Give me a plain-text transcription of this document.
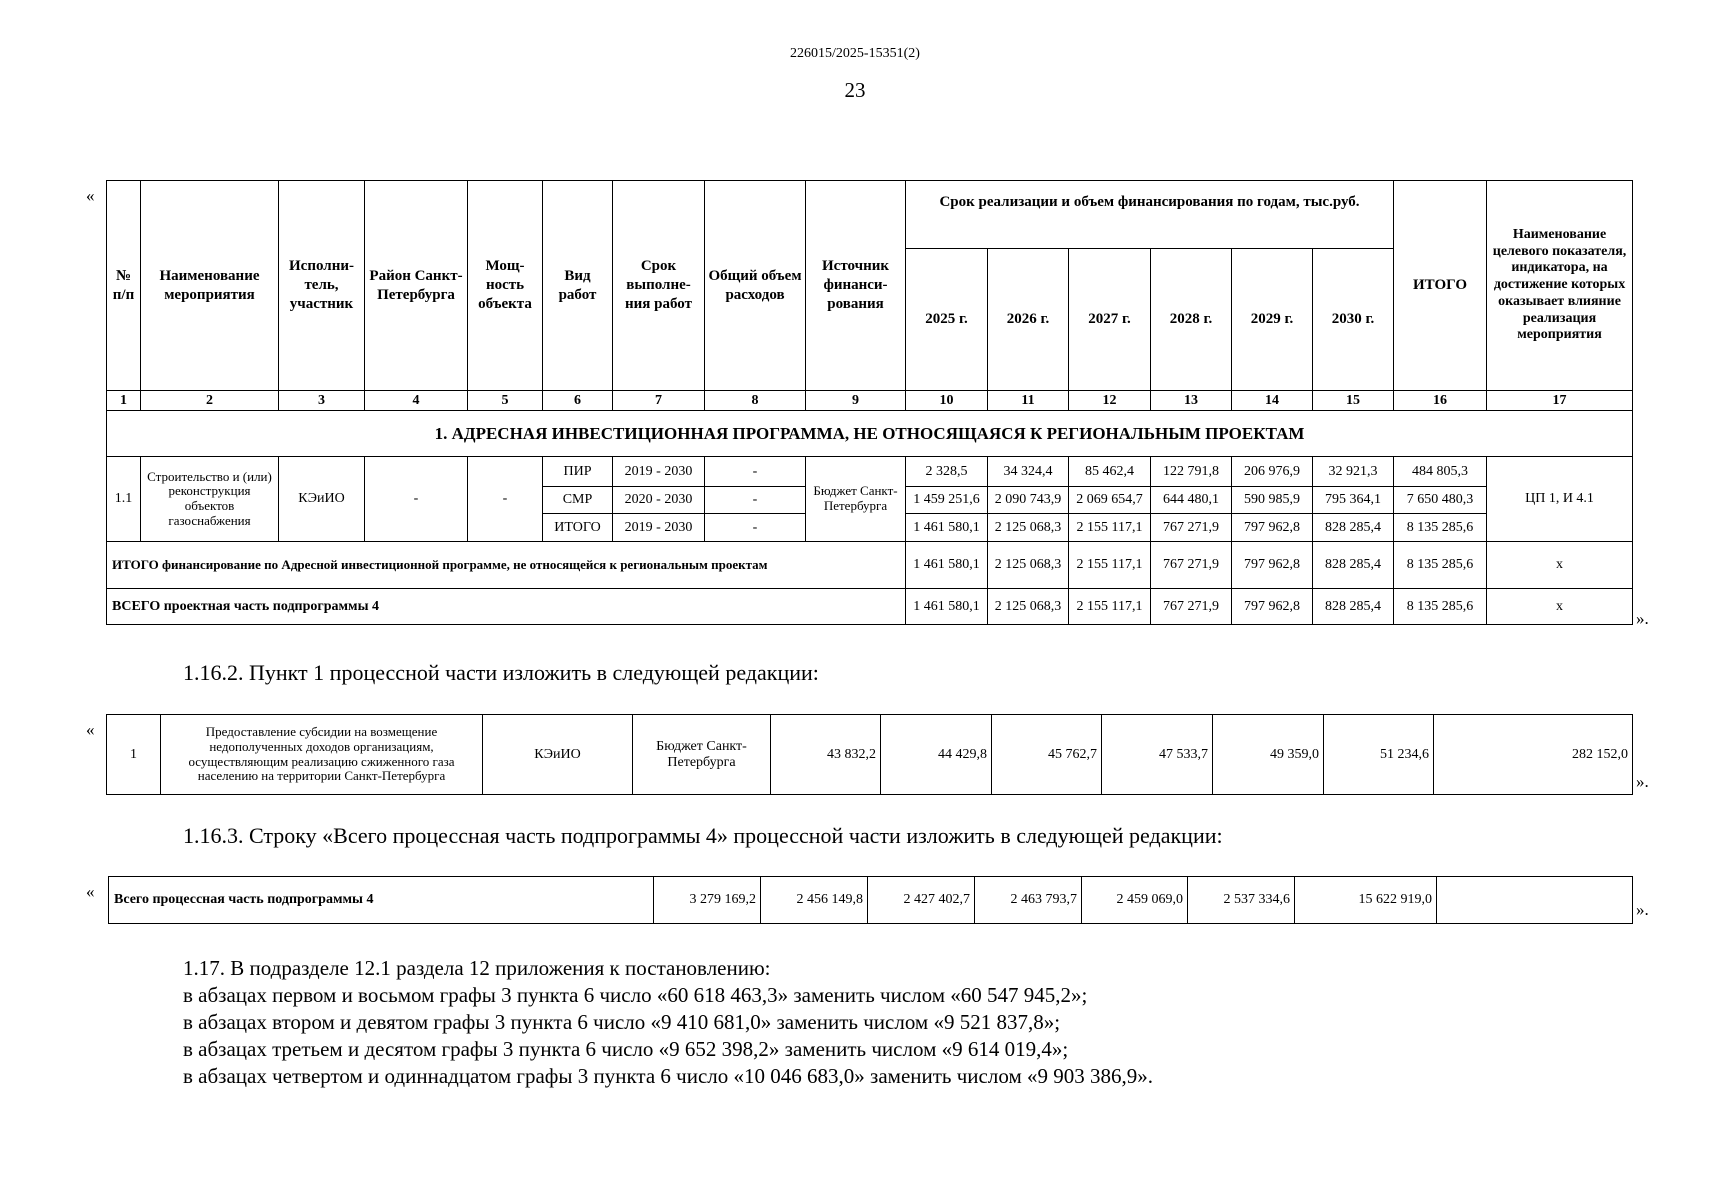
226015/2025-15351(2)
23
«
№ п/п	Наименование мероприятия	Исполни-тель, участник	Район Санкт-Петербурга	Мощ-ность объекта	Вид работ	Срок выполне-ния работ	Общий объем расходов	Источник финанси-рования	Срок реализации и объем финансирования по годам, тыс.руб.						ИТОГО	Наименование целевого показателя, индикатора, на достижение которых оказывает влияние реализация мероприятия
									2025 г.	2026 г.	2027 г.	2028 г.	2029 г.	2030 г.		
1	2	3	4	5	6	7	8	9	10	11	12	13	14	15	16	17
1. АДРЕСНАЯ ИНВЕСТИЦИОННАЯ ПРОГРАММА, НЕ ОТНОСЯЩАЯСЯ К РЕГИОНАЛЬНЫМ ПРОЕКТАМ																
1.1	Строительство и (или) реконструкция объектов газоснабжения	КЭиИО	-	-	ПИР	2019 - 2030	-	Бюджет Санкт-Петербурга	2 328,5	34 324,4	85 462,4	122 791,8	206 976,9	32 921,3	484 805,3	ЦП 1, И 4.1
					СМР	2020 - 2030	-		1 459 251,6	2 090 743,9	2 069 654,7	644 480,1	590 985,9	795 364,1	7 650 480,3	
					ИТОГО	2019 - 2030	-		1 461 580,1	2 125 068,3	2 155 117,1	767 271,9	797 962,8	828 285,4	8 135 285,6	
ИТОГО финансирование по Адресной инвестиционной программе, не относящейся к региональным проектам									1 461 580,1	2 125 068,3	2 155 117,1	767 271,9	797 962,8	828 285,4	8 135 285,6	x
ВСЕГО проектная часть подпрограммы 4									1 461 580,1	2 125 068,3	2 155 117,1	767 271,9	797 962,8	828 285,4	8 135 285,6	x
».
1.16.2. Пункт 1 процессной части изложить в следующей редакции:
«
1	Предоставление субсидии на возмещение недополученных доходов организациям, осуществляющим реализацию сжиженного газа населению на территории Санкт-Петербурга	КЭиИО	Бюджет Санкт-Петербурга	43 832,2	44 429,8	45 762,7	47 533,7	49 359,0	51 234,6	282 152,0
».
1.16.3. Строку «Всего процессная часть подпрограммы 4» процессной части изложить в следующей редакции:
« Всего процессная часть подпрограммы 4	3 279 169,2	2 456 149,8	2 427 402,7	2 463 793,7	2 459 069,0	2 537 334,6	15 622 919,0	
».
1.17. В подразделе 12.1 раздела 12 приложения к постановлению:
в абзацах первом и восьмом графы 3 пункта 6 число «60 618 463,3» заменить числом «60 547 945,2»;
в абзацах втором и девятом графы 3 пункта 6 число «9 410 681,0» заменить числом «9 521 837,8»;
в абзацах третьем и десятом графы 3 пункта 6 число «9 652 398,2» заменить числом «9 614 019,4»;
в абзацах четвертом и одиннадцатом графы 3 пункта 6 число «10 046 683,0» заменить числом «9 903 386,9».
